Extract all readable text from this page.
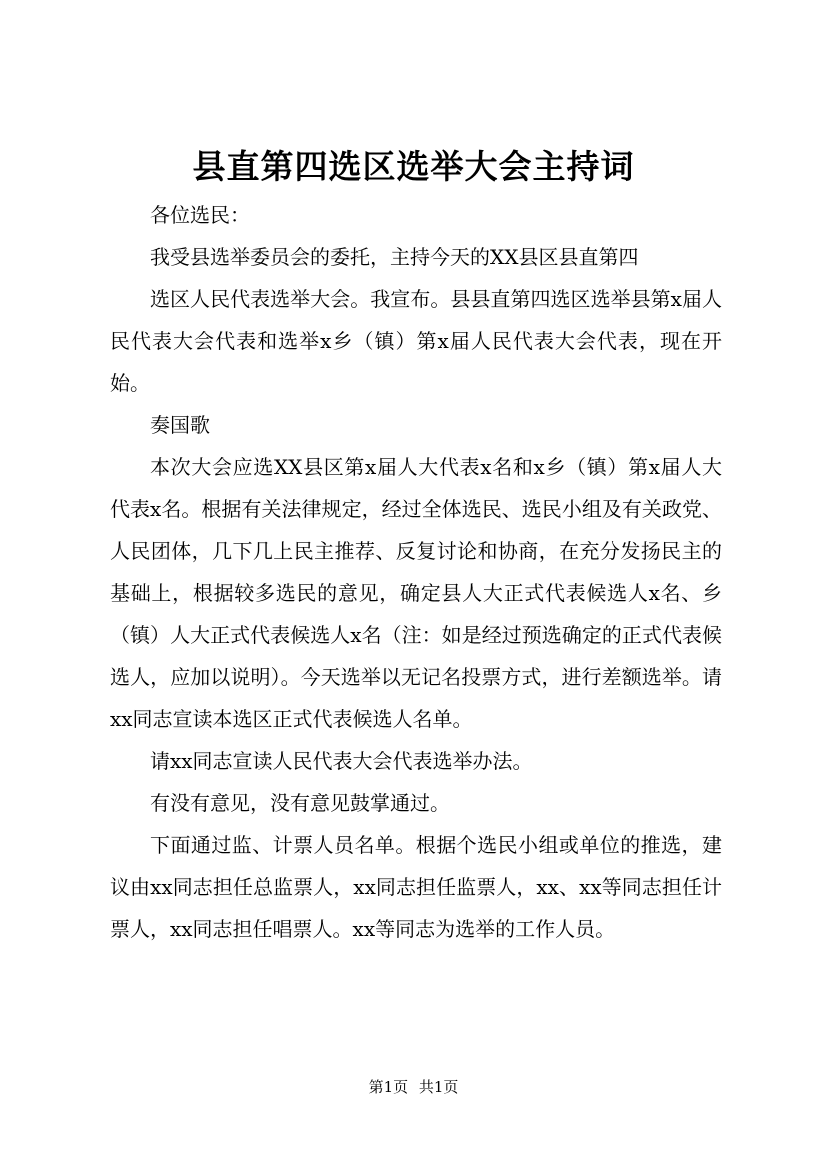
县直第四选区选举大会主持词

各位选民：

我受县选举委员会的委托，主持今天的XX县区县直第四

选区人民代表选举大会。我宣布。县县直第四选区选举县第x届人民代表大会代表和选举x乡（镇）第x届人民代表大会代表，现在开始。

奏国歌

本次大会应选XX县区第x届人大代表x名和x乡（镇）第x届人大代表x名。根据有关法律规定，经过全体选民、选民小组及有关政党、人民团体，几下几上民主推荐、反复讨论和协商，在充分发扬民主的基础上，根据较多选民的意见，确定县人大正式代表候选人x名、乡（镇）人大正式代表候选人x名（注：如是经过预选确定的正式代表候选人，应加以说明）。今天选举以无记名投票方式，进行差额选举。请xx同志宣读本选区正式代表候选人名单。

请xx同志宣读人民代表大会代表选举办法。

有没有意见，没有意见鼓掌通过。

下面通过监、计票人员名单。根据个选民小组或单位的推选，建议由xx同志担任总监票人，xx同志担任监票人，xx、xx等同志担任计票人，xx同志担任唱票人。xx等同志为选举的工作人员。

第1页 共1页
